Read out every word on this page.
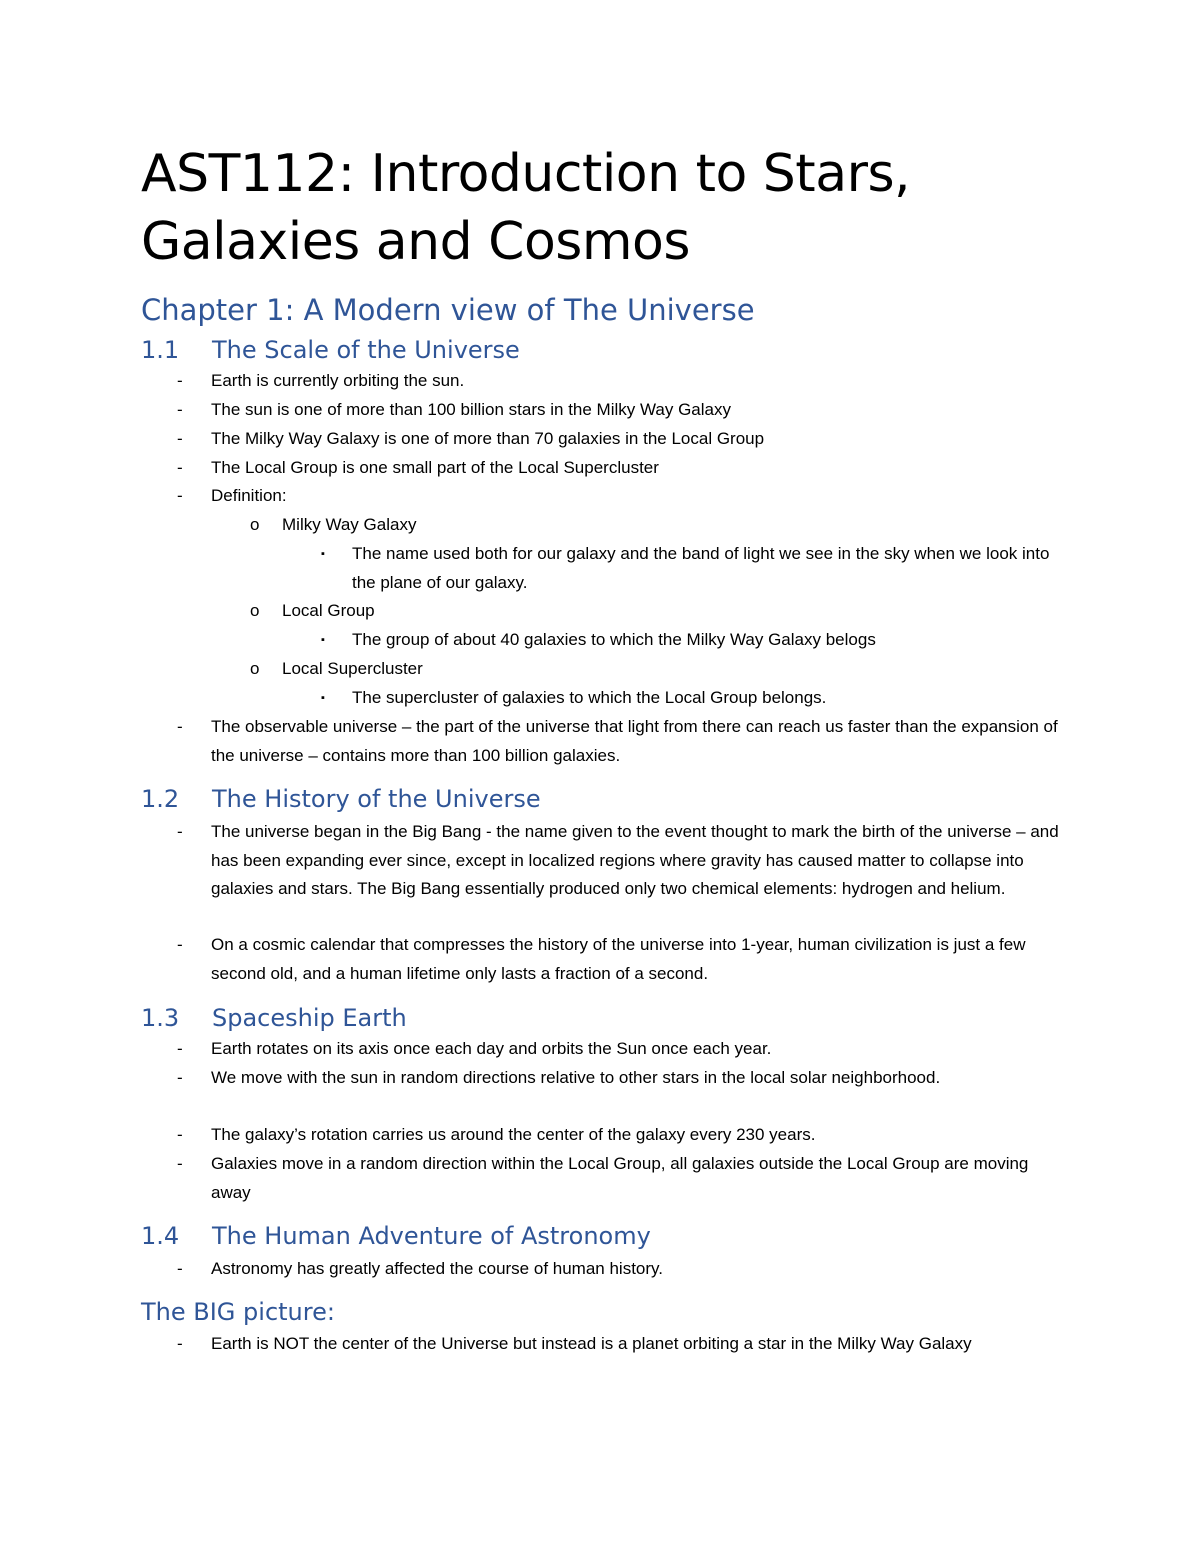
AST112: Introduction to Stars, Galaxies and Cosmos
Chapter 1: A Modern view of The Universe
1.1 The Scale of the Universe
- Earth is currently orbiting the sun.

- The sun is one of more than 100 billion stars in the Milky Way Galaxy

- The Milky Way Galaxy is one of more than 70 galaxies in the Local Group

- The Local Group is one small part of the Local Supercluster

- Definition:

o Milky Way Galaxy

▪ The name used both for our galaxy and the band of light we see in the sky when we look into the plane of our galaxy.

o Local Group

▪ The group of about 40 galaxies to which the Milky Way Galaxy belogs

o Local Supercluster

▪ The supercluster of galaxies to which the Local Group belongs.

- The observable universe – the part of the universe that light from there can reach us faster than the expansion of the universe – contains more than 100 billion galaxies.

1.2 The History of the Universe
- The universe began in the Big Bang - the name given to the event thought to mark the birth of the universe – and has been expanding ever since, except in localized regions where gravity has caused matter to collapse into galaxies and stars. The Big Bang essentially produced only two chemical elements: hydrogen and helium.

- On a cosmic calendar that compresses the history of the universe into 1-year, human civilization is just a few second old, and a human lifetime only lasts a fraction of a second.

1.3 Spaceship Earth
- Earth rotates on its axis once each day and orbits the Sun once each year.

- We move with the sun in random directions relative to other stars in the local solar neighborhood.

- The galaxy’s rotation carries us around the center of the galaxy every 230 years.

- Galaxies move in a random direction within the Local Group, all galaxies outside the Local Group are moving away

1.4 The Human Adventure of Astronomy
- Astronomy has greatly affected the course of human history.

The BIG picture:
- Earth is NOT the center of the Universe but instead is a planet orbiting a star in the Milky Way Galaxy
